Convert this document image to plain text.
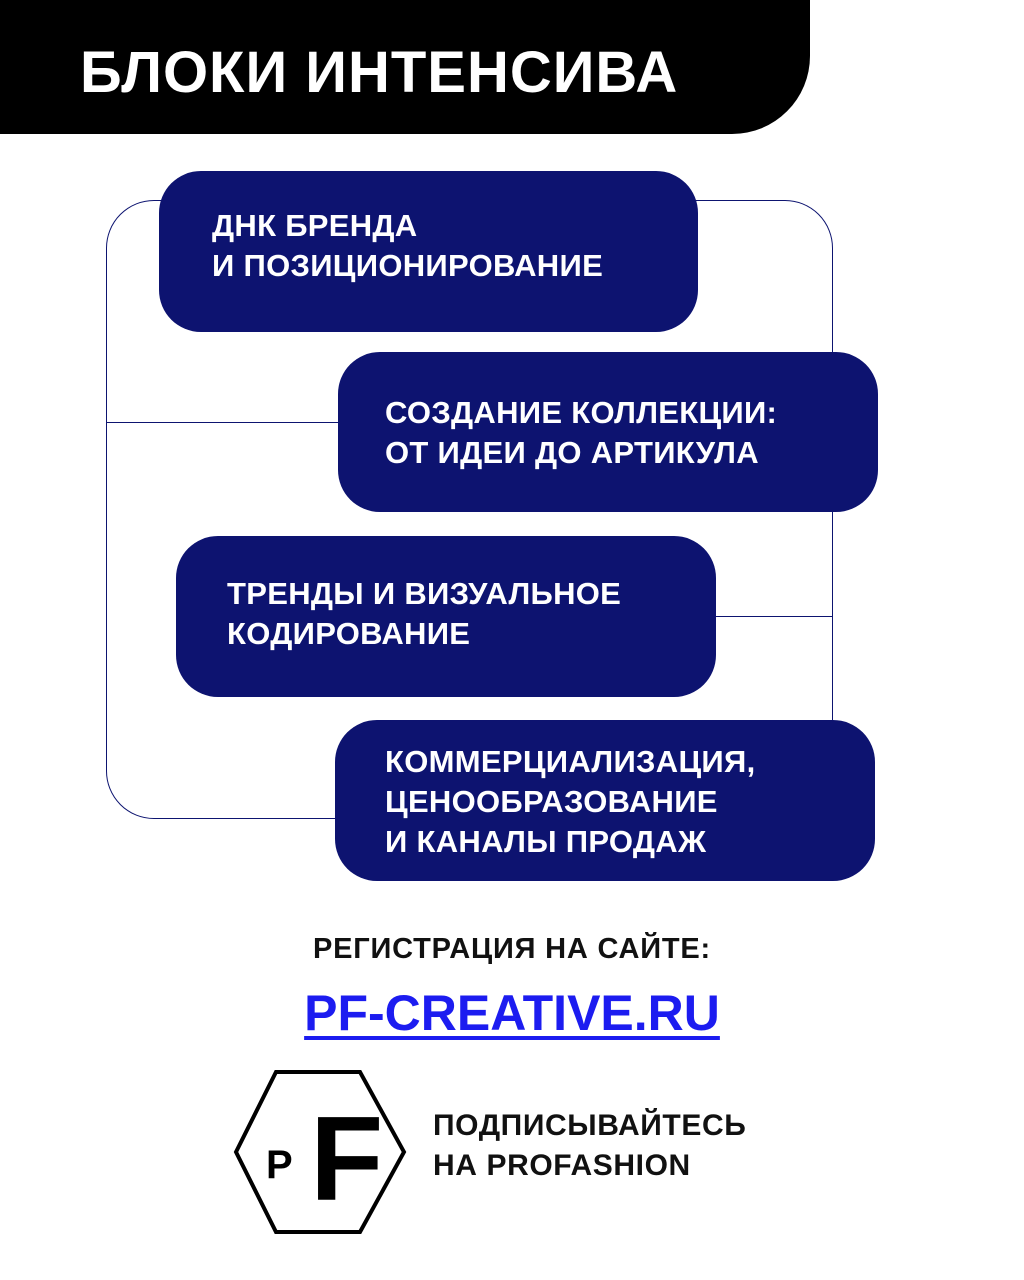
БЛОКИ ИНТЕНСИВА
ДНК БРЕНДА
И ПОЗИЦИОНИРОВАНИЕ
СОЗДАНИЕ КОЛЛЕКЦИИ:
ОТ ИДЕИ ДО АРТИКУЛА
ТРЕНДЫ И ВИЗУАЛЬНОЕ
КОДИРОВАНИЕ
КОММЕРЦИАЛИЗАЦИЯ,
ЦЕНООБРАЗОВАНИЕ
И КАНАЛЫ ПРОДАЖ
РЕГИСТРАЦИЯ НА САЙТЕ:
PF-CREATIVE.RU
P F ПОДПИСЫВАЙТЕСЬ
НА PROFASHION
